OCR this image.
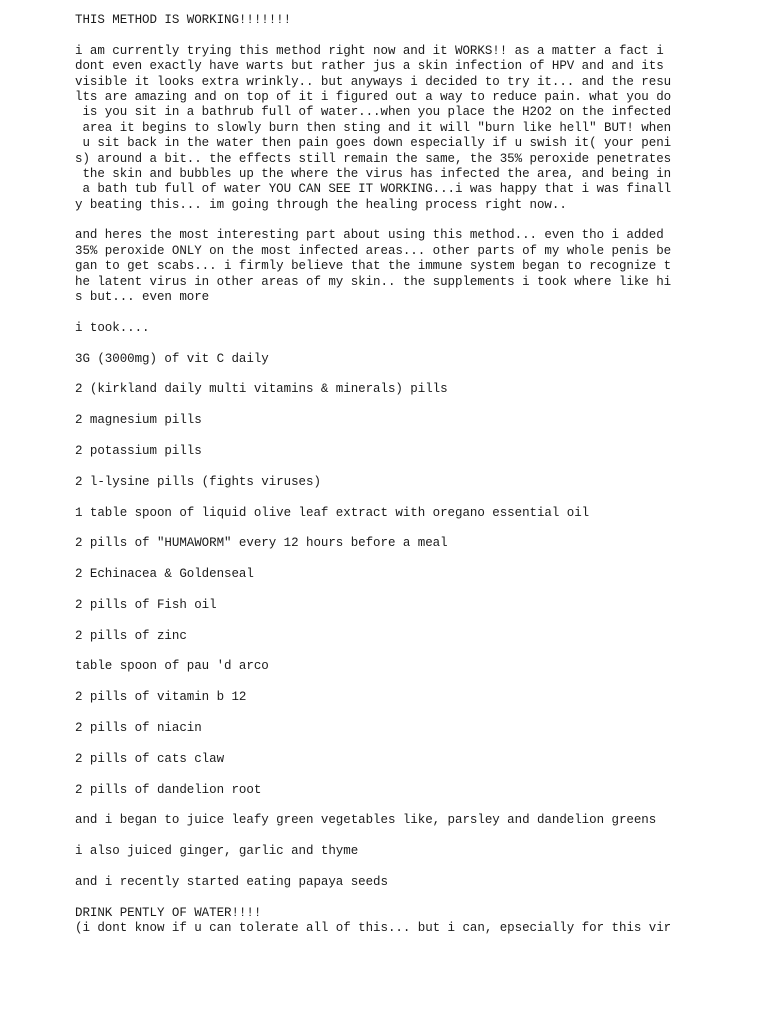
THIS METHOD IS WORKING!!!!!!!
i am currently trying this method right now and it WORKS!! as a matter a fact i
dont even exactly have warts but rather jus a skin infection of HPV and and its
visible it looks extra wrinkly.. but anyways i decided to try it... and the resu
lts are amazing and on top of it i figured out a way to reduce pain. what you do
is you sit in a bathrub full of water...when you place the H2O2 on the infected
area it begins to slowly burn then sting and it will "burn like hell" BUT! when
u sit back in the water then pain goes down especially if u swish it( your peni
s) around a bit.. the effects still remain the same, the 35% peroxide penetrates
the skin and bubbles up the where the virus has infected the area, and being in
a bath tub full of water YOU CAN SEE IT WORKING...i was happy that i was finall
y beating this... im going through the healing process right now..
and heres the most interesting part about using this method... even tho i added
35% peroxide ONLY on the most infected areas... other parts of my whole penis be
gan to get scabs... i firmly believe that the immune system began to recognize t
he latent virus in other areas of my skin.. the supplements i took where like hi
s but... even more
i took....
3G (3000mg) of vit C daily
2 (kirkland daily multi vitamins & minerals) pills
2 magnesium pills
2 potassium pills
2 l-lysine pills (fights viruses)
1 table spoon of liquid olive leaf extract with oregano essential oil
2 pills of "HUMAWORM" every 12 hours before a meal
2 Echinacea & Goldenseal
2 pills of Fish oil
2 pills of zinc
table spoon of pau 'd arco
2 pills of vitamin b 12
2 pills of niacin
2 pills of cats claw
2 pills of dandelion root
and i began to juice leafy green vegetables like, parsley and dandelion greens
i also juiced ginger, garlic and thyme
and i recently started eating papaya seeds
DRINK PENTLY OF WATER!!!!
(i dont know if u can tolerate all of this... but i can, epsecially for this vir
